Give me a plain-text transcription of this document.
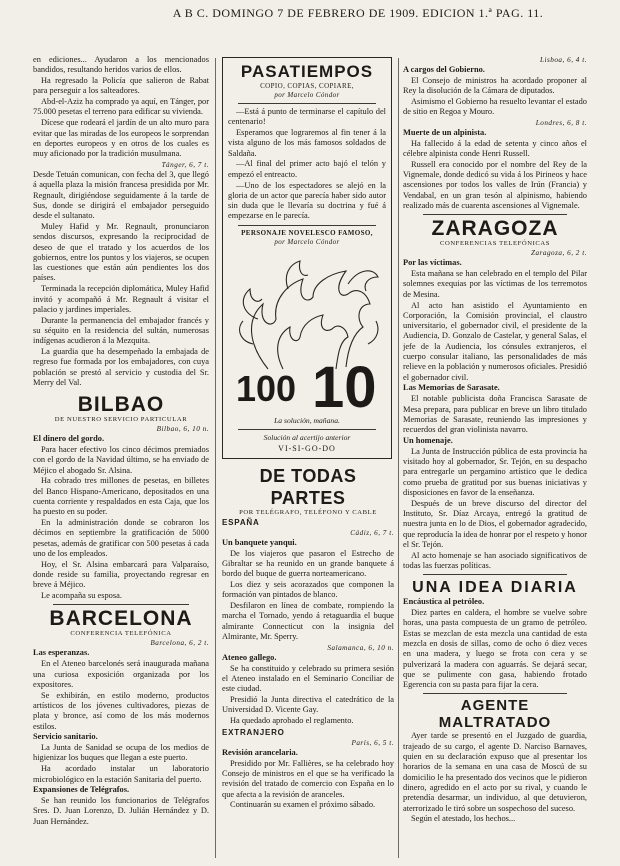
A B C. DOMINGO 7 DE FEBRERO DE 1909. EDICION 1.ª PAG. 11.

en ediciones... Ayudaron a los mencionados bandidos, resultando heridos varios de ellos.

Ha regresado la Policía que salieron de Rabat para perseguir a los salteadores.

Abd-el-Aziz ha comprado ya aquí, en Tánger, por 75.000 pesetas el terreno para edificar su vivienda.

Dícese que rodeará el jardín de un alto muro para evitar que las miradas de los europeos le sorprendan en deportes europeos y en otros de los cuales es muy aficionado por la tradición musulmana.

Tánger, 6, 7 t.

Desde Tetuán comunican, con fecha del 3, que llegó á aquella plaza la misión francesa presidida por Mr. Regnault, dirigiéndose seguidamente á la tarde de Sus, donde se dirigirá el embajador perseguido desde el sultanato.

Muley Hafid y Mr. Regnault, pronunciaron sendos discursos, expresando la reciprocidad de deseo de que el tratado y los acuerdos de los gobiernos, entre los puntos y los viajeros, se ocupen las cuestiones que están aún pendientes los dos países.

Terminada la recepción diplomática, Muley Hafid invitó y acompañó á Mr. Regnault á visitar el palacio y jardines imperiales.

Durante la permanencia del embajador francés y su séquito en la residencia del sultán, numerosas indígenas acudieron á la Mezquita.

La guardia que ha desempeñado la embajada de regreso fue formada por los embajadores, con cuya población se prestó al servicio y custodia del Sr. Merry del Val.

BILBAO
DE NUESTRO SERVICIO PARTICULAR
Bilbao, 6, 10 n.

El dinero del gordo.

Para hacer efectivo los cinco décimos premiados con el gordo de la Navidad último, se ha enviado de Méjico el abogado Sr. Alsina.

Ha cobrado tres millones de pesetas, en billetes del Banco Hispano-Americano, depositados en una cuenta corriente y respaldados en esta Caja, que los ha puesto en su poder.

En la administración donde se cobraron los décimos en septiembre la gratificación de 5000 pesetas, además de gratificar con 500 pesetas á cada uno de los empleados.

Hoy, el Sr. Alsina embarcará para Valparaíso, donde reside su familia, proyectando regresar en breve á Méjico.

Le acompaña su esposa.

BARCELONA
CONFERENCIA TELEFÓNICA
Barcelona, 6, 2 t.

Las esperanzas.

En el Ateneo barcelonés será inaugurada mañana una curiosa exposición organizada por los expositores.

Se exhibirán, en estilo moderno, productos artísticos de los jóvenes cultivadores, piezas de plata y bronce, así como de los más modernos estilos.

Servicio sanitario.

La Junta de Sanidad se ocupa de los medios de higienizar los buques que llegan a este puerto.

Ha acordado instalar un laboratorio microbiológico en la estación Sanitaria del puerto.

Expansiones de Telégrafos.

Se han reunido los funcionarios de Telégrafos Sres. D. Juan Lorenzo, D. Julián Hernández y D. Juan Hernández.

PASATIEMPOS
COPIO, COPIAS, COPIARE,
por Marcelo Cóndor

—Está á punto de terminarse el capítulo del centenario!

Esperamos que lograremos al fin tener á la vista alguno de los más famosos soldados de Saldaña.

—Al final del primer acto bajó el telón y empezó el entreacto.

—Uno de los espectadores se alejó en la gloria de un actor que parecía haber sido autor sin duda que le llevaría su doctrina y fué á empezarse en le parecía.

PERSONAJE NOVELESCO FAMOSO,
por Marcelo Cóndor
100 10
La solución, mañana.
Solución al acertijo anterior
VI-SI-GO-DO
DE TODAS PARTES
POR TELÉGRAFO, TELÉFONO Y CABLE
ESPAÑA
Cádiz, 6, 7 t.

Un banquete yanqui.

De los viajeros que pasaron el Estrecho de Gibraltar se ha reunido en un grande banquete á bordo del buque de guerra norteamericano.

Los diez y seis acorazados que componen la formación van pintados de blanco.

Desfilaron en línea de combate, rompiendo la marcha el Tornado, yendo á retaguardia el buque almirante Connecticut con la insignia del Almirante, Mr. Sperry.

Salamanca, 6, 10 n.

Ateneo gallego.

Se ha constituido y celebrado su primera sesión el Ateneo instalado en el Seminario Conciliar de este ciudad.

Presidió la Junta directiva el catedrático de la Universidad D. Vicente Gay.

Ha quedado aprobado el reglamento.

EXTRANJERO
París, 6, 5 t.

Revisión arancelaria.

Presidido por Mr. Fallières, se ha celebrado hoy Consejo de ministros en el que se ha verificado la revisión del tratado de comercio con España en lo que afecta a la revisión de aranceles.

Continuarán su examen el próximo sábado.

Lisboa, 6, 4 t.

A cargos del Gobierno.

El Consejo de ministros ha acordado proponer al Rey la disolución de la Cámara de diputados.

Asimismo el Gobierno ha resuelto levantar el estado de sitio en Regoa y Mouro.

Londres, 6, 8 t.

Muerte de un alpinista.

Ha fallecido á la edad de setenta y cinco años el célebre alpinista conde Henri Russell.

Russell era conocido por el nombre del Rey de la Vignemale, donde dedicó su vida á los Pirineos y hace ascensiones por todos los valles de Irún (Francia) y Vendabal, en un gran tesón al alpinismo, habiendo realizado más de cuarenta ascensiones al Vignemale.

ZARAGOZA
CONFERENCIAS TELEFÓNICAS
Zaragoza, 6, 2 t.

Por las víctimas.

Esta mañana se han celebrado en el templo del Pilar solemnes exequias por las víctimas de los terremotos de Mesina.

Al acto han asistido el Ayuntamiento en Corporación, la Comisión provincial, el claustro universitario, el gobernador civil, el presidente de la Audiencia, D. Gonzalo de Castelar, y general Salas, el jefe de la Audiencia, los cónsules extranjeros, el cuerpo consular italiano, las personalidades de más relieve en la población y numerosos oficiales. Presidió el gobernador civil.

Las Memorias de Sarasate.

El notable publicista doña Francisca Sarasate de Mesa prepara, para publicar en breve un libro titulado Memorias de Sarasate, reuniendo las impresiones y recuerdos del gran violinista navarro.

Un homenaje.

La Junta de Instrucción pública de esta provincia ha visitado hoy al gobernador, Sr. Tejón, en su despacho para entregarle un pergamino artístico que le dedica como prueba de gratitud por sus buenas iniciativas y disposiciones en favor de la enseñanza.

Después de un breve discurso del director del Instituto, Sr. Díaz Arcaya, entregó la gratitud de nuestra junta en lo de Dios, el gobernador agradecido, que reproducía la idea de honrar por el respeto y honor el Sr. Tejón.

Al acto homenaje se han asociado significativos de todas las fuerzas políticas.

UNA IDEA DIARIA

Encáustica al petróleo.

Diez partes en caldera, el hombre se vuelve sobre horas, una pasta compuesta de un gramo de petróleo. Estas se mezclan de esta mezcla una cantidad de esta mezcla en dosis de sillas, como de ocho ó diez veces en una madera, y luego se frota con cera y se pulverizará la madera con aguarrás. Se dejará secar, que se pulimente con gasa, habiendo frotado Egerencia con su pasta para fijar la cera.

AGENTE
MALTRATADO

Ayer tarde se presentó en el Juzgado de guardia, trajeado de su cargo, el agente D. Narciso Barnaves, quien en su declaración expuso que al presentar los horarios de la semana en una casa de Moscú de su domicilio le ha presentado dos vecinos que le pidieron dinero, agredido en el acto por su rival, y cuando le pretendía desarmar, un individuo, al que detuvieron, aterrorizado le tiró sobre un sospechoso del suceso.

Según el atestado, los hechos...
